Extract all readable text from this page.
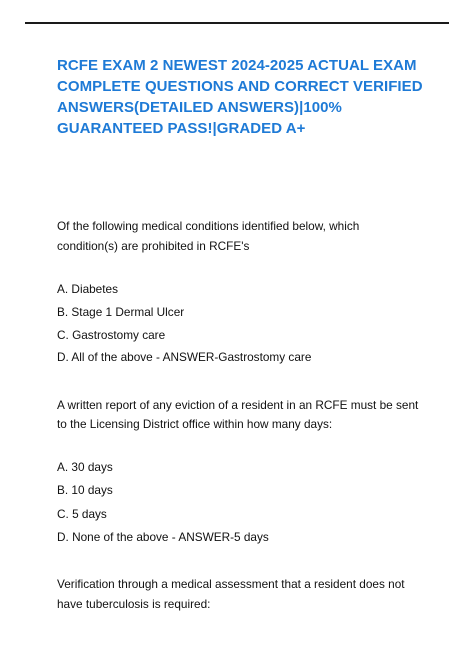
RCFE EXAM 2 NEWEST 2024-2025 ACTUAL EXAM COMPLETE QUESTIONS AND CORRECT VERIFIED ANSWERS(DETAILED ANSWERS)|100% GUARANTEED PASS!|GRADED A+

Of the following medical conditions identified below, which

condition(s) are prohibited in RCFE's

A. Diabetes

B. Stage 1 Dermal Ulcer

C. Gastrostomy care

D. All of the above - ANSWER-Gastrostomy care

A written report of any eviction of a resident in an RCFE must be sent

to the Licensing District office within how many days:

A. 30 days

B. 10 days

C. 5 days

D. None of the above - ANSWER-5 days

Verification through a medical assessment that a resident does not

have tuberculosis is required:
